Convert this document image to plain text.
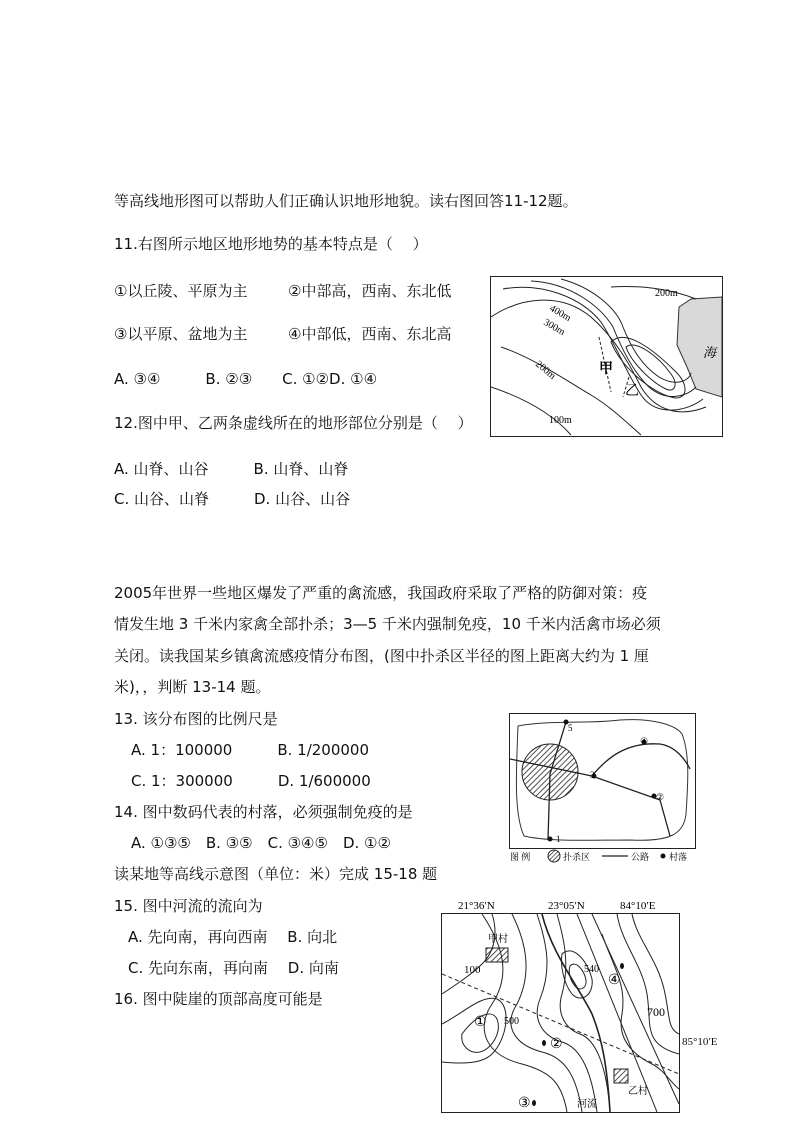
等高线地形图可以帮助人们正确认识地形地貌。读右图回答11-12题。
11.右图所示地区地形地势的基本特点是（　 ）
①以丘陵、平原为主	②中部高，西南、东北低
③以平原、盆地为主	④中部低，西南、东北高
A. ③④　　　B. ②③　　C. ①②D. ①④
12.图中甲、乙两条虚线所在的地形部位分别是（　 ）
A. 山脊、山谷　　　B. 山脊、山脊
C. 山谷、山脊　　　D. 山谷、山谷
200m
400m
300m
200m
100m
海
甲
乙
2005年世界一些地区爆发了严重的禽流感，我国政府采取了严格的防御对策：疫
情发生地 3 千米内家禽全部扑杀；3—5 千米内强制免疫，10 千米内活禽市场必须
关闭。读我国某乡镇禽流感疫情分布图，(图中扑杀区半径的图上距离大约为 1 厘
米)，，判断 13-14 题。
13. 该分布图的比例尺是
A. 1：100000　　　B. 1/200000
C. 1：300000　　　D. 1/600000
14. 图中数码代表的村落，必须强制免疫的是
A. ①③⑤　B. ③⑤　C. ③④⑤　D. ①②
5
④
3
②
1
图 例	扑杀区	公路 村落
读某地等高线示意图（单位：米）完成 15-18 题
15. 图中河流的流向为
A. 先向南，再向西南　 B. 向北
C. 先向东南，再向南　 D. 向南
16. 图中陡崖的顶部高度可能是
21°36′N	23°05′N	84°10′E
85°10′E
甲村
乙村
100
700
500
540
河流
①
②
③
④
